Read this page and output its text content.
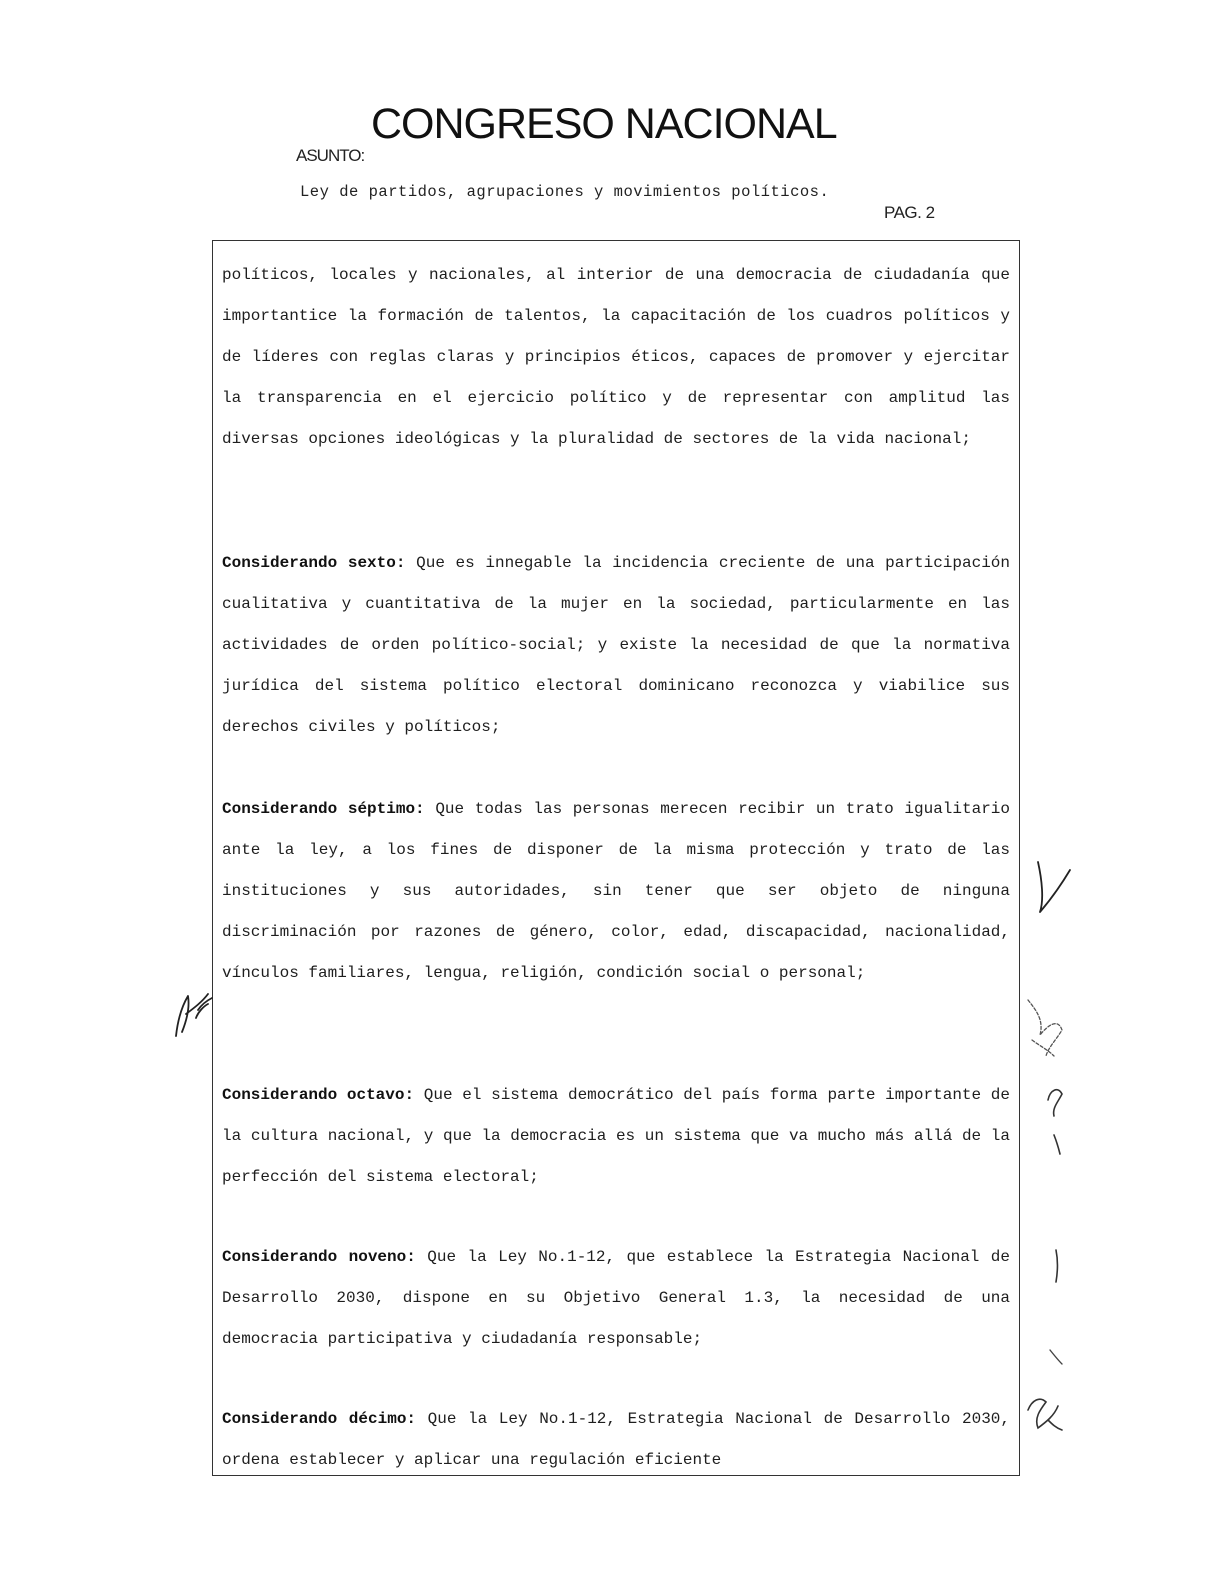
CONGRESO NACIONAL
ASUNTO:
Ley de partidos, agrupaciones y movimientos políticos.
PAG. 2
políticos, locales y nacionales, al interior de una democracia de ciudadanía que importantice la formación de talentos, la capacitación de los cuadros políticos y de líderes con reglas claras y principios éticos, capaces de promover y ejercitar la transparencia en el ejercicio político y de representar con amplitud las diversas opciones ideológicas y la pluralidad de sectores de la vida nacional;
Considerando sexto: Que es innegable la incidencia creciente de una participación cualitativa y cuantitativa de la mujer en la sociedad, particularmente en las actividades de orden político-social; y existe la necesidad de que la normativa jurídica del sistema político electoral dominicano reconozca y viabilice sus derechos civiles y políticos;
Considerando séptimo: Que todas las personas merecen recibir un trato igualitario ante la ley, a los fines de disponer de la misma protección y trato de las instituciones y sus autoridades, sin tener que ser objeto de ninguna discriminación por razones de género, color, edad, discapacidad, nacionalidad, vínculos familiares, lengua, religión, condición social o personal;
Considerando octavo: Que el sistema democrático del país forma parte importante de la cultura nacional, y que la democracia es un sistema que va mucho más allá de la perfección del sistema electoral;
Considerando noveno: Que la Ley No.1-12, que establece la Estrategia Nacional de Desarrollo 2030, dispone en su Objetivo General 1.3, la necesidad de una democracia participativa y ciudadanía responsable;
Considerando décimo: Que la Ley No.1-12, Estrategia Nacional de Desarrollo 2030, ordena establecer y aplicar una regulación eficiente
